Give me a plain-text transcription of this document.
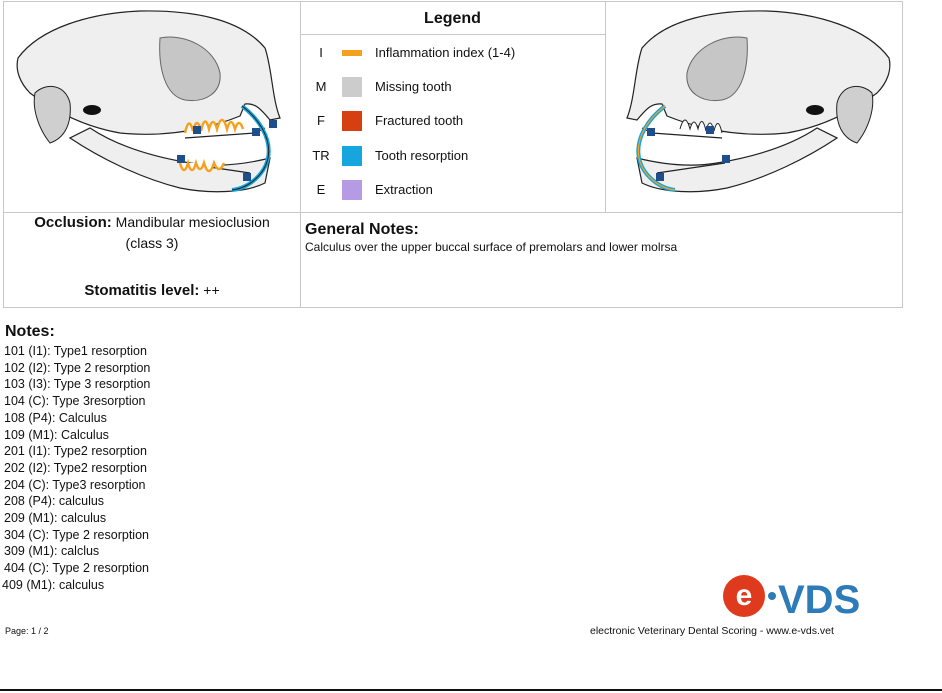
Legend
I	Inflammation index (1-4)
M	Missing tooth
F	Fractured tooth
TR	Tooth resorption
E	Extraction
Occlusion: Mandibular mesioclusion
(class 3)
Stomatitis level: ++
General Notes:
Calculus over the upper buccal surface of premolars and lower molrsa
Notes:
101 (I1): Type1 resorption
102 (I2): Type 2 resorption
103 (I3): Type 3 resorption
104 (C): Type 3resorption
108 (P4): Calculus
109 (M1): Calculus
201 (I1): Type2 resorption
202 (I2): Type2 resorption
204 (C): Type3 resorption
208 (P4): calculus
209 (M1): calculus
304 (C): Type 2 resorption
309 (M1): calclus
404 (C): Type 2 resorption
409 (M1): calculus	e VDS
Page: 1 / 2	electronic Veterinary Dental Scoring - www.e-vds.vet
